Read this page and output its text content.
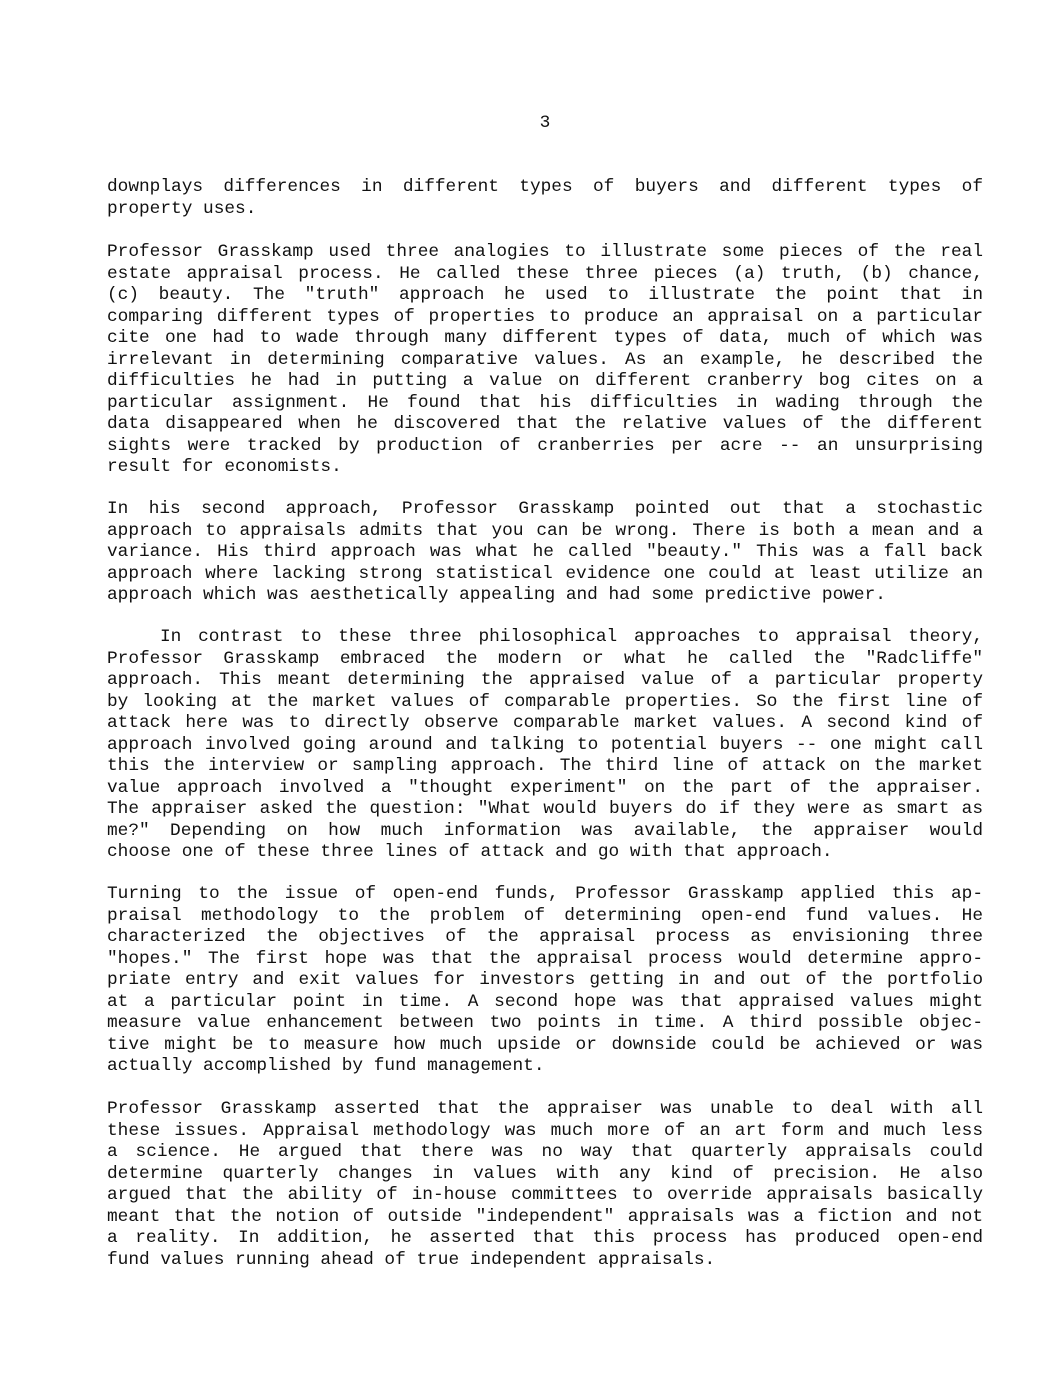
3
downplays differences in different types of buyers and different types of
property uses.
Professor Grasskamp used three analogies to illustrate some pieces of the real
estate appraisal process. He called these three pieces (a) truth, (b) chance,
(c) beauty. The "truth" approach he used to illustrate the point that in
comparing different types of properties to produce an appraisal on a particular
cite one had to wade through many different types of data, much of which was
irrelevant in determining comparative values. As an example, he described the
difficulties he had in putting a value on different cranberry bog cites on a
particular assignment. He found that his difficulties in wading through the
data disappeared when he discovered that the relative values of the different
sights were tracked by production of cranberries per acre -- an unsurprising
result for economists.
In his second approach, Professor Grasskamp pointed out that a stochastic
approach to appraisals admits that you can be wrong. There is both a mean and a
variance. His third approach was what he called "beauty." This was a fall back
approach where lacking strong statistical evidence one could at least utilize an
approach which was aesthetically appealing and had some predictive power.
In contrast to these three philosophical approaches to appraisal theory,
Professor Grasskamp embraced the modern or what he called the "Radcliffe"
approach. This meant determining the appraised value of a particular property
by looking at the market values of comparable properties. So the first line of
attack here was to directly observe comparable market values. A second kind of
approach involved going around and talking to potential buyers -- one might call
this the interview or sampling approach. The third line of attack on the market
value approach involved a "thought experiment" on the part of the appraiser.
The appraiser asked the question: "What would buyers do if they were as smart as
me?" Depending on how much information was available, the appraiser would
choose one of these three lines of attack and go with that approach.
Turning to the issue of open-end funds, Professor Grasskamp applied this ap-
praisal methodology to the problem of determining open-end fund values. He
characterized the objectives of the appraisal process as envisioning three
"hopes." The first hope was that the appraisal process would determine appro-
priate entry and exit values for investors getting in and out of the portfolio
at a particular point in time. A second hope was that appraised values might
measure value enhancement between two points in time. A third possible objec-
tive might be to measure how much upside or downside could be achieved or was
actually accomplished by fund management.
Professor Grasskamp asserted that the appraiser was unable to deal with all
these issues. Appraisal methodology was much more of an art form and much less
a science. He argued that there was no way that quarterly appraisals could
determine quarterly changes in values with any kind of precision. He also
argued that the ability of in-house committees to override appraisals basically
meant that the notion of outside "independent" appraisals was a fiction and not
a reality. In addition, he asserted that this process has produced open-end
fund values running ahead of true independent appraisals.
